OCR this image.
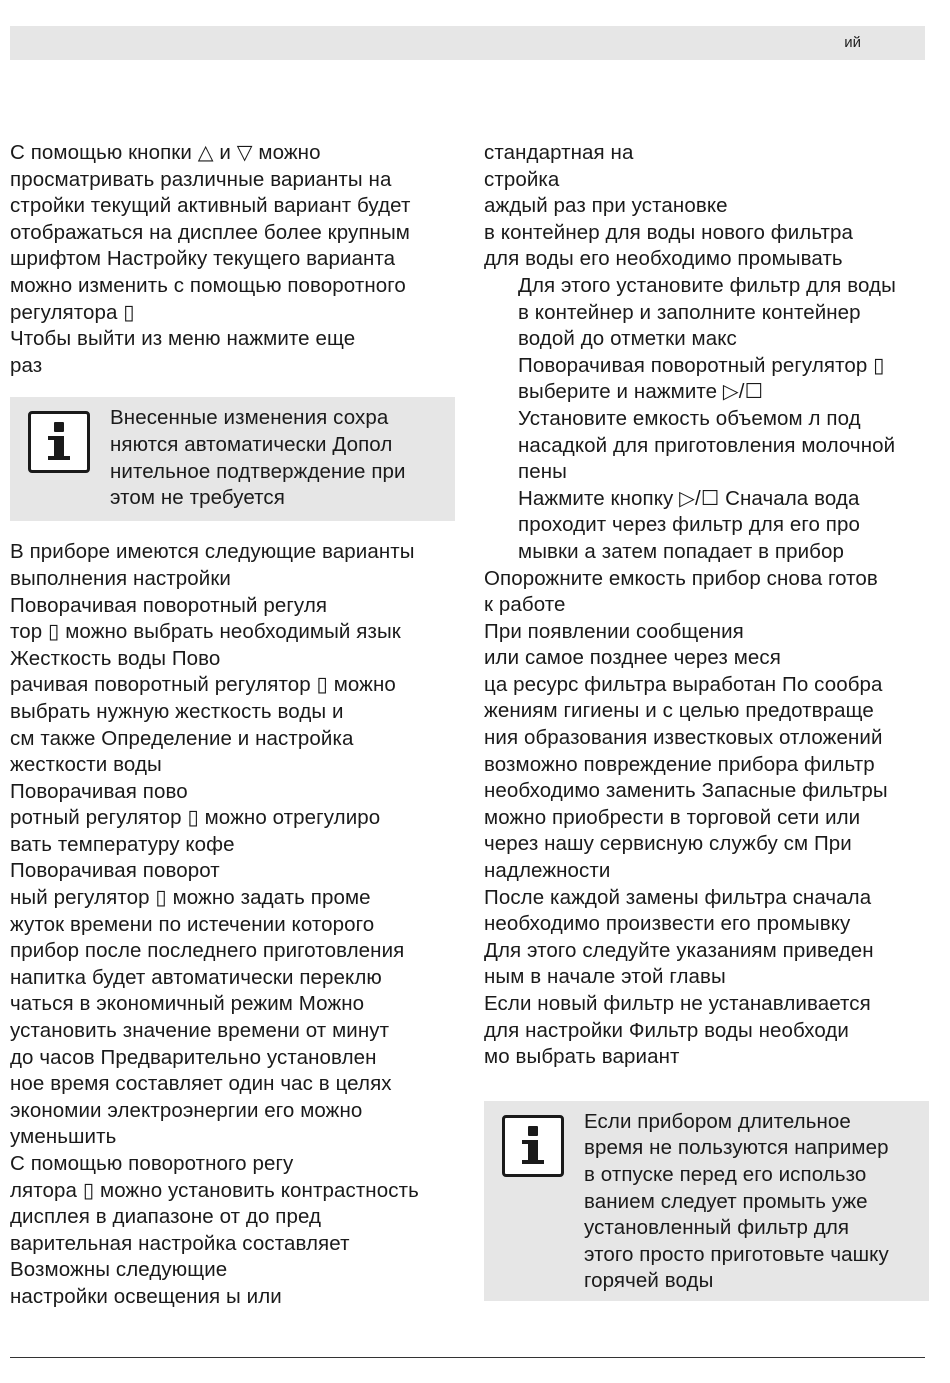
ий

С помощью кнопки △ и ▽ можно

просматривать различные варианты на

стройки текущий активный вариант будет

отображаться на дисплее более крупным

шрифтом Настройку текущего варианта

можно изменить с помощью поворотного

регулятора ▯

Чтобы выйти из меню нажмите еще

раз

Внесенные изменения сохра

няются автоматически Допол

нительное подтверждение при

этом не требуется

В приборе имеются следующие варианты

выполнения настройки

Поворачивая поворотный регуля

тор ▯ можно выбрать необходимый язык

Жесткость воды Пово

рачивая поворотный регулятор ▯ можно

выбрать нужную жесткость воды и

см также Определение и настройка

жесткости воды

Поворачивая пово

ротный регулятор ▯ можно отрегулиро

вать температуру кофе

Поворачивая поворот

ный регулятор ▯ можно задать проме

жуток времени по истечении которого

прибор после последнего приготовления

напитка будет автоматически переклю

чаться в экономичный режим Можно

установить значение времени от минут

до часов Предварительно установлен

ное время составляет один час в целях

экономии электроэнергии его можно

уменьшить

С помощью поворотного регу

лятора ▯ можно установить контрастность

дисплея в диапазоне от до пред

варительная настройка составляет

Возможны следующие

настройки освещения ы или

стандартная на

стройка

аждый раз при установке

в контейнер для воды нового фильтра

для воды его необходимо промывать

Для этого установите фильтр для воды

в контейнер и заполните контейнер

водой до отметки макс

Поворачивая поворотный регулятор ▯

выберите и нажмите ▷/☐

Установите емкость объемом л под

насадкой для приготовления молочной

пены

Нажмите кнопку ▷/☐ Сначала вода

проходит через фильтр для его про

мывки а затем попадает в прибор

Опорожните емкость прибор снова готов

к работе

При появлении сообщения

или самое позднее через меся

ца ресурс фильтра выработан По сообра

жениям гигиены и с целью предотвраще

ния образования известковых отложений

возможно повреждение прибора фильтр

необходимо заменить Запасные фильтры

можно приобрести в торговой сети или

через нашу сервисную службу см При

надлежности

После каждой замены фильтра сначала

необходимо произвести его промывку

Для этого следуйте указаниям приведен

ным в начале этой главы

Если новый фильтр не устанавливается

для настройки Фильтр воды необходи

мо выбрать вариант

Если прибором длительное

время не пользуются например

в отпуске перед его использо

ванием следует промыть уже

установленный фильтр для

этого просто приготовьте чашку

горячей воды
